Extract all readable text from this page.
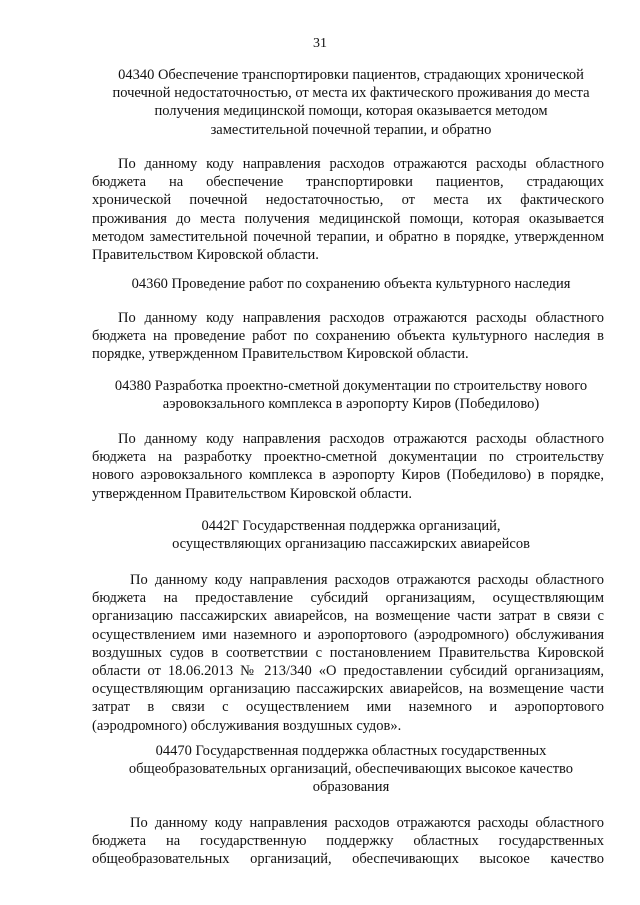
31
04340 Обеспечение транспортировки пациентов, страдающих хронической
почечной недостаточностью, от места их фактического проживания до места
получения медицинской помощи, которая оказывается методом
заместительной почечной терапии, и обратно
По данному коду направления расходов отражаются расходы областного
бюджета на обеспечение транспортировки пациентов, страдающих
хронической почечной недостаточностью, от места их фактического
проживания до места получения медицинской помощи, которая оказывается
методом заместительной почечной терапии, и обратно в порядке, утвержденном
Правительством Кировской области.
04360 Проведение работ по сохранению объекта культурного наследия
По данному коду направления расходов отражаются расходы областного
бюджета на проведение работ по сохранению объекта культурного наследия в
порядке, утвержденном Правительством Кировской области.
04380 Разработка проектно-сметной документации по строительству нового
аэровокзального комплекса в аэропорту Киров (Победилово)
По данному коду направления расходов отражаются расходы областного
бюджета на разработку проектно-сметной документации по строительству
нового аэровокзального комплекса в аэропорту Киров (Победилово) в порядке,
утвержденном Правительством Кировской области.
0442Г Государственная поддержка организаций,
осуществляющих организацию пассажирских авиарейсов
По данному коду направления расходов отражаются расходы областного
бюджета на предоставление субсидий организациям, осуществляющим
организацию пассажирских авиарейсов, на возмещение части затрат в связи с
осуществлением ими наземного и аэропортового (аэродромного) обслуживания
воздушных судов в соответствии с постановлением Правительства Кировской
области от 18.06.2013 № 213/340 «О предоставлении субсидий организациям,
осуществляющим организацию пассажирских авиарейсов, на возмещение части
затрат в связи с осуществлением ими наземного и аэропортового
(аэродромного) обслуживания воздушных судов».
04470 Государственная поддержка областных государственных
общеобразовательных организаций, обеспечивающих высокое качество
образования
По данному коду направления расходов отражаются расходы областного
бюджета на государственную поддержку областных государственных
общеобразовательных организаций, обеспечивающих высокое качество
